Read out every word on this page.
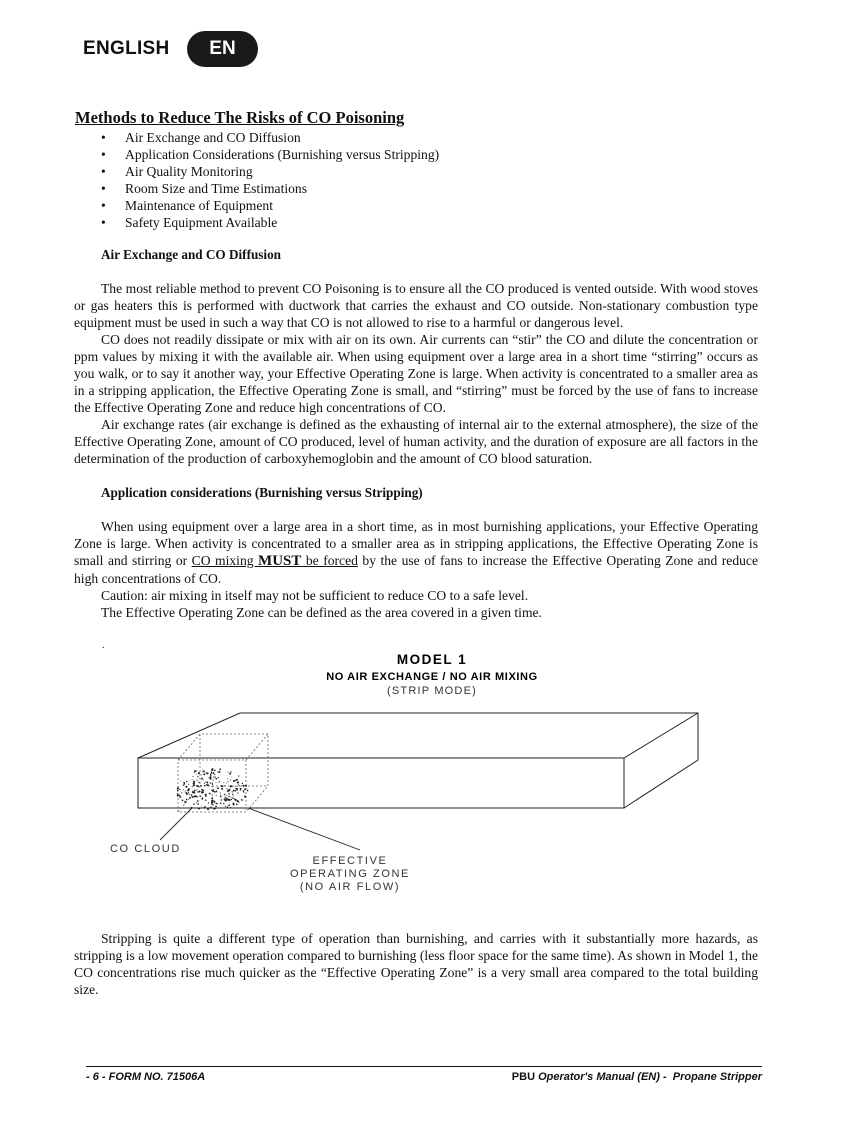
ENGLISH	EN
Methods to Reduce The Risks of CO Poisoning
• Air Exchange and CO Diffusion
• Application Considerations (Burnishing versus Stripping)
• Air Quality Monitoring
• Room Size and Time Estimations
• Maintenance of Equipment
• Safety Equipment Available
Air Exchange and CO Diffusion

The most reliable method to prevent CO Poisoning is to ensure all the CO produced is vented outside. With wood stoves or gas heaters this is performed with ductwork that carries the exhaust and CO outside. Non-stationary combustion type equipment must be used in such a way that CO is not allowed to rise to a harmful or dangerous level.

CO does not readily dissipate or mix with air on its own. Air currents can “stir” the CO and dilute the concentration or ppm values by mixing it with the available air. When using equipment over a large area in a short time “stirring” occurs as you walk, or to say it another way, your Effective Operating Zone is large. When activity is concentrated to a smaller area as in a stripping application, the Effective Operating Zone is small, and “stirring” must be forced by the use of fans to increase the Effective Operating Zone and reduce high concentrations of CO.

Air exchange rates (air exchange is defined as the exhausting of internal air to the external atmosphere), the size of the Effective Operating Zone, amount of CO produced, level of human activity, and the duration of exposure are all factors in the determination of the production of carboxyhemoglobin and the amount of CO blood saturation.

Application considerations (Burnishing versus Stripping)

When using equipment over a large area in a short time, as in most burnishing applications, your Effective Operating Zone is large. When activity is concentrated to a smaller area as in stripping applications, the Effective Operating Zone is small and stirring or CO mixing MUST be forced by the use of fans to increase the Effective Operating Zone and reduce high concentrations of CO.

Caution: air mixing in itself may not be sufficient to reduce CO to a safe level.

The Effective Operating Zone can be defined as the area covered in a given time.

.
MODEL 1
NO AIR EXCHANGE / NO AIR MIXING
(STRIP MODE)
CO CLOUD
EFFECTIVE
OPERATING ZONE
(NO AIR FLOW)

Stripping is quite a different type of operation than burnishing, and carries with it substantially more hazards, as stripping is a low movement operation compared to burnishing (less floor space for the same time). As shown in Model 1, the CO concentrations rise much quicker as the “Effective Operating Zone” is a very small area compared to the total building size.

- 6 - FORM NO. 71506A	PBU Operator's Manual (EN) - Propane Stripper
